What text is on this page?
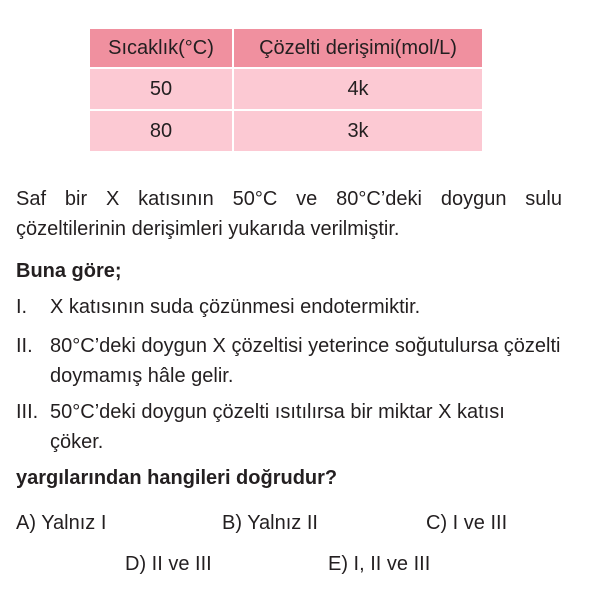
Sıcaklık(°C)	Çözelti derişimi(mol/L)
50	4k
80	3k
Saf bir X katısının 50°C ve 80°C’deki doygun sulu çözeltilerinin derişimleri yukarıda verilmiştir.
Buna göre;
I. X katısının suda çözünmesi endotermiktir.
II. 80°C’deki doygun X çözeltisi yeterince soğutulursa çözelti doymamış hâle gelir.
III. 50°C’deki doygun çözelti ısıtılırsa bir miktar X katısı çöker.
yargılarından hangileri doğrudur?
A) Yalnız I	B) Yalnız II	C) I ve III
D) II ve III	E) I, II ve III
